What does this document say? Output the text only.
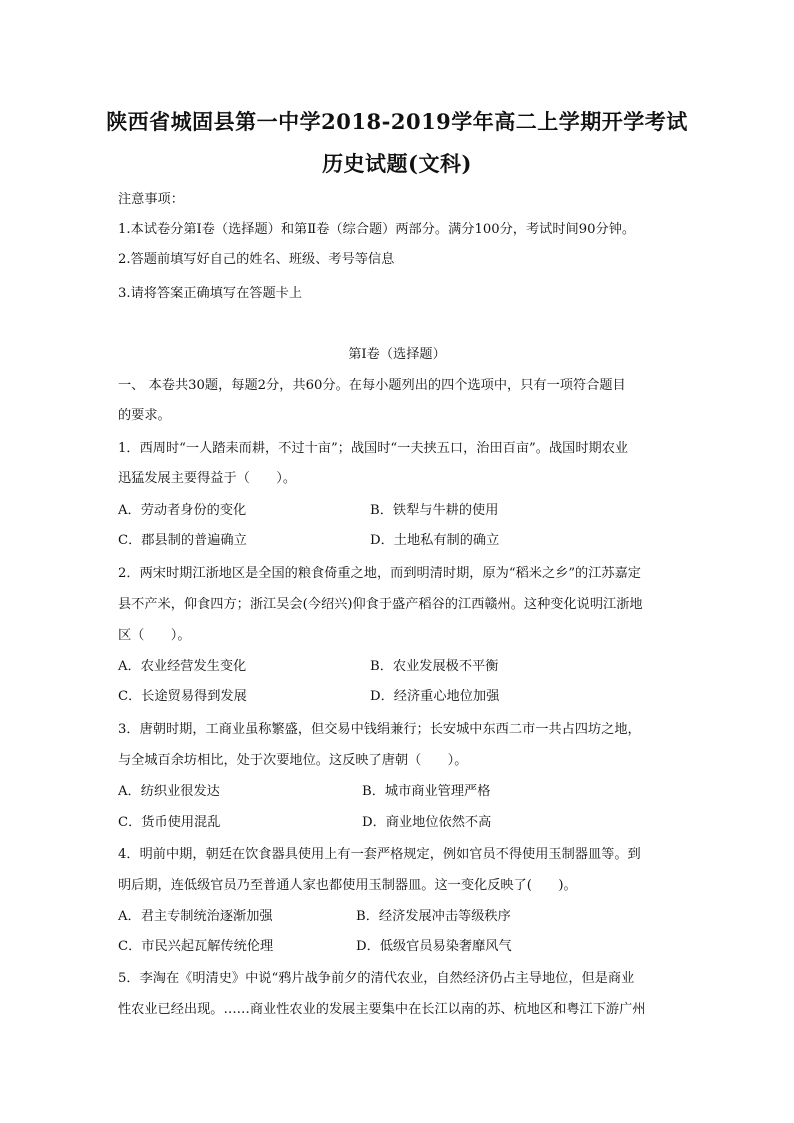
陕西省城固县第一中学2018-2019学年高二上学期开学考试
历史试题(文科)
注意事项：
1.本试卷分第Ⅰ卷（选择题）和第Ⅱ卷（综合题）两部分。满分100分，考试时间90分钟。
2.答题前填写好自己的姓名、班级、考号等信息
3.请将答案正确填写在答题卡上
第Ⅰ卷（选择题）
一、 本卷共30题，每题2分，共60分。在每小题列出的四个选项中，只有一项符合题目
的要求。
1．西周时“一人踏耒而耕，不过十亩”；战国时“一夫挟五口，治田百亩”。战国时期农业
迅猛发展主要得益于（　　）。
A．劳动者身份的变化	B．铁犁与牛耕的使用
C．郡县制的普遍确立	D．土地私有制的确立
2．两宋时期江浙地区是全国的粮食倚重之地，而到明清时期，原为“稻米之乡”的江苏嘉定
县不产米，仰食四方；浙江吴会(今绍兴)仰食于盛产稻谷的江西赣州。这种变化说明江浙地
区（　　）。
A．农业经营发生变化	B．农业发展极不平衡
C．长途贸易得到发展	D．经济重心地位加强
3．唐朝时期，工商业虽称繁盛，但交易中钱绢兼行；长安城中东西二市一共占四坊之地，
与全城百余坊相比，处于次要地位。这反映了唐朝（　　）。
A．纺织业很发达	B．城市商业管理严格
C．货币使用混乱	D．商业地位依然不高
4．明前中期，朝廷在饮食器具使用上有一套严格规定，例如官员不得使用玉制器皿等。到
明后期，连低级官员乃至普通人家也都使用玉制器皿。这一变化反映了(　　)。
A．君主专制统治逐渐加强	B．经济发展冲击等级秩序
C．市民兴起瓦解传统伦理	D．低级官员易染奢靡风气
5．李淘在《明清史》中说“鸦片战争前夕的清代农业，自然经济仍占主导地位，但是商业
性农业已经出现。……商业性农业的发展主要集中在长江以南的苏、杭地区和粤江下游广州
